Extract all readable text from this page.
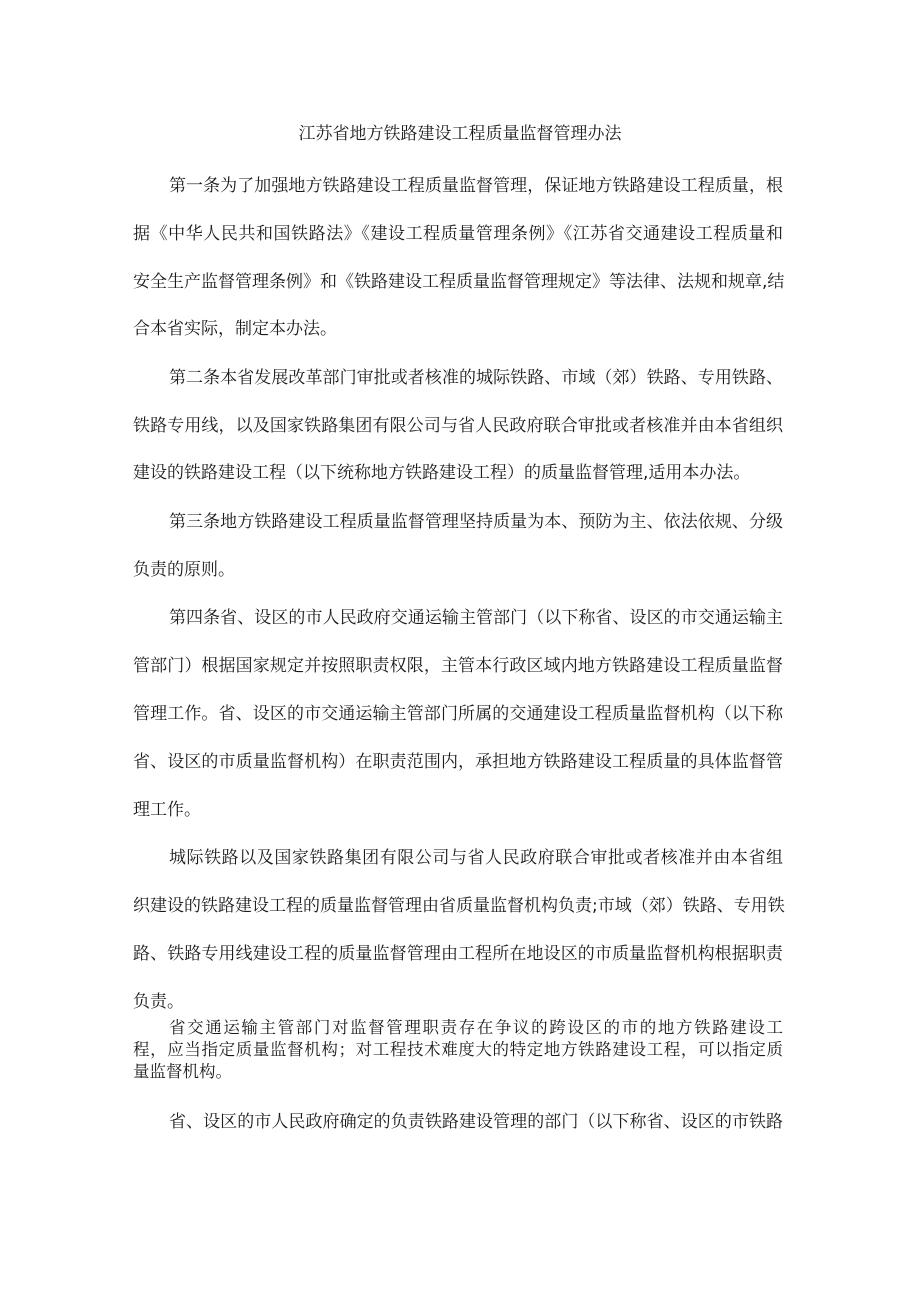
江苏省地方铁路建设工程质量监督管理办法
第一条为了加强地方铁路建设工程质量监督管理，保证地方铁路建设工程质量，根
据《中华人民共和国铁路法》《建设工程质量管理条例》《江苏省交通建设工程质量和
安全生产监督管理条例》和《铁路建设工程质量监督管理规定》等法律、法规和规章,结
合本省实际，制定本办法。
第二条本省发展改革部门审批或者核准的城际铁路、市域（郊）铁路、专用铁路、
铁路专用线，以及国家铁路集团有限公司与省人民政府联合审批或者核准并由本省组织
建设的铁路建设工程（以下统称地方铁路建设工程）的质量监督管理,适用本办法。
第三条地方铁路建设工程质量监督管理坚持质量为本、预防为主、依法依规、分级
负责的原则。
第四条省、设区的市人民政府交通运输主管部门（以下称省、设区的市交通运输主
管部门）根据国家规定并按照职责权限，主管本行政区域内地方铁路建设工程质量监督
管理工作。省、设区的市交通运输主管部门所属的交通建设工程质量监督机构（以下称
省、设区的市质量监督机构）在职责范围内，承担地方铁路建设工程质量的具体监督管
理工作。
城际铁路以及国家铁路集团有限公司与省人民政府联合审批或者核准并由本省组
织建设的铁路建设工程的质量监督管理由省质量监督机构负责;市域（郊）铁路、专用铁
路、铁路专用线建设工程的质量监督管理由工程所在地设区的市质量监督机构根据职责
负责。
省交通运输主管部门对监督管理职责存在争议的跨设区的市的地方铁路建设工
程，应当指定质量监督机构；对工程技术难度大的特定地方铁路建设工程，可以指定质
量监督机构。
省、设区的市人民政府确定的负责铁路建设管理的部门（以下称省、设区的市铁路
